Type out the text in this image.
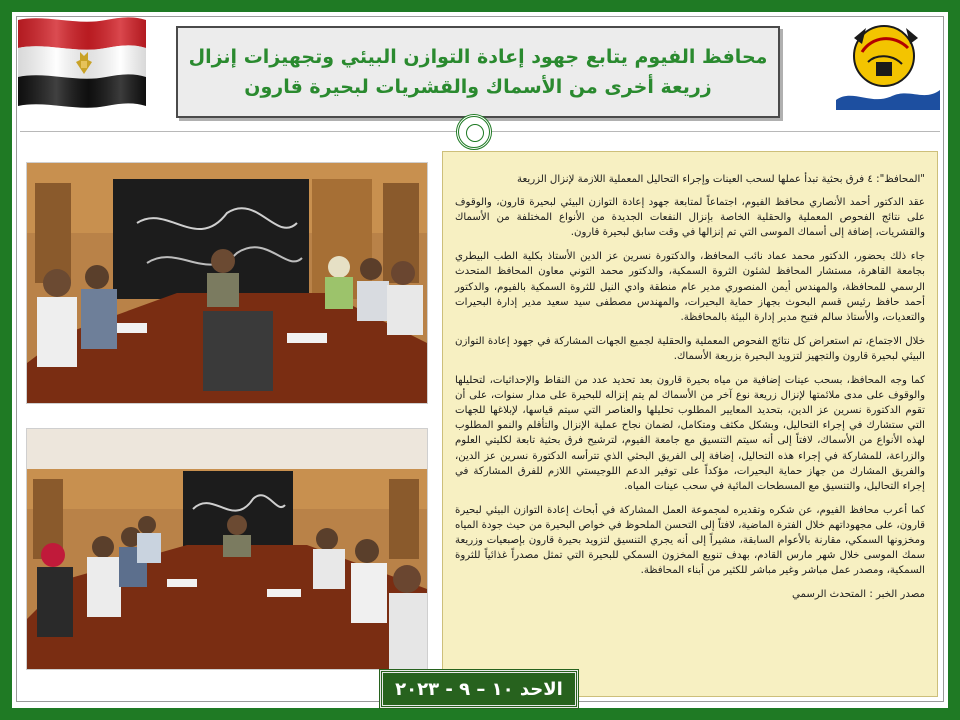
محافظ الفيوم يتابع جهود إعادة التوازن البيئي وتجهيزات إنزال
زريعة أخرى من الأسماك والقشريات لبحيرة قارون

"المحافظ": ٤ فرق بحثية تبدأ عملها لسحب العينات وإجراء التحاليل المعملية اللازمة لإنزال الزريعة

عقد الدكتور أحمد الأنصاري محافظ الفيوم، اجتماعاً لمتابعة جهود إعادة التوازن البيئي لبحيرة قارون، والوقوف على نتائج الفحوص المعملية والحقلية الخاصة بإنزال النفعات الجديدة من الأنواع المختلفة من الأسماك والقشريات، إضافة إلى أسماك الموسى التي تم إنزالها في وقت سابق لبحيرة قارون.

جاء ذلك بحضور، الدكتور محمد عماد نائب المحافظ، والدكتورة نسرين عز الدين الأستاذ بكلية الطب البيطري بجامعة القاهرة، مستشار المحافظ لشئون الثروة السمكية، والدكتور محمد التوني معاون المحافظ المتحدث الرسمي للمحافظة، والمهندس أيمن المنصوري مدير عام منطقة وادي النيل للثروة السمكية بالفيوم، والدكتور أحمد حافظ رئيس قسم البحوث بجهاز حماية البحيرات، والمهندس مصطفى سيد سعيد مدير إدارة البحيرات والتعديات، والأستاذ سالم فتيح مدير إدارة البيئة بالمحافظة.

خلال الاجتماع، تم استعراض كل نتائج الفحوص المعملية والحقلية لجميع الجهات المشاركة في جهود إعادة التوازن البيئي لبحيرة قارون والتجهيز لتزويد البحيرة بزريعة الأسماك.

كما وجه المحافظ، بسحب عينات إضافية من مياه بحيرة قارون بعد تحديد عدد من النقاط والإحداثيات، لتحليلها والوقوف على مدى ملائمتها لإنزال زريعة نوع آخر من الأسماك لم يتم إنزاله للبحيرة على مدار سنوات، على أن تقوم الدكتورة نسرين عز الدين، بتحديد المعايير المطلوب تحليلها والعناصر التي سيتم قياسها، لإبلاغها للجهات التي ستشارك في إجراء التحاليل، وبشكل مكثف ومتكامل، لضمان نجاح عملية الإنزال والتأقلم والنمو المطلوب لهذه الأنواع من الأسماك، لافتاً إلى أنه سيتم التنسيق مع جامعة الفيوم، لترشيح فرق بحثية تابعة لكليتي العلوم والزراعة، للمشاركة في إجراء هذه التحاليل، إضافة إلى الفريق البحثي الذي تترأسه الدكتورة نسرين عز الدين، والفريق المشارك من جهاز حماية البحيرات، مؤكداً على توفير الدعم اللوجيستي اللازم للفرق المشاركة في إجراء التحاليل، والتنسيق مع المسطحات المائية في سحب عينات المياه.

كما أعرب محافظ الفيوم، عن شكره وتقديره لمجموعة العمل المشاركة في أبحاث إعادة التوازن البيئي لبحيرة قارون، على مجهوداتهم خلال الفترة الماضية، لافتاً إلى التحسن الملحوظ في خواص البحيرة من حيث جودة المياه ومخزونها السمكي، مقارنة بالأعوام السابقة، مشيراً إلى أنه يجري التنسيق لتزويد بحيرة قارون بإصبعيات وزريعة سمك الموسى خلال شهر مارس القادم، بهدف تنويع المخزون السمكي للبحيرة التي تمثل مصدراً غذائياً للثروة السمكية، ومصدر عمل مباشر وغير مباشر للكثير من أبناء المحافظة.

مصدر الخبر : المتحدث الرسمي

الاحد ١٠ – ٩ - ٢٠٢٣
